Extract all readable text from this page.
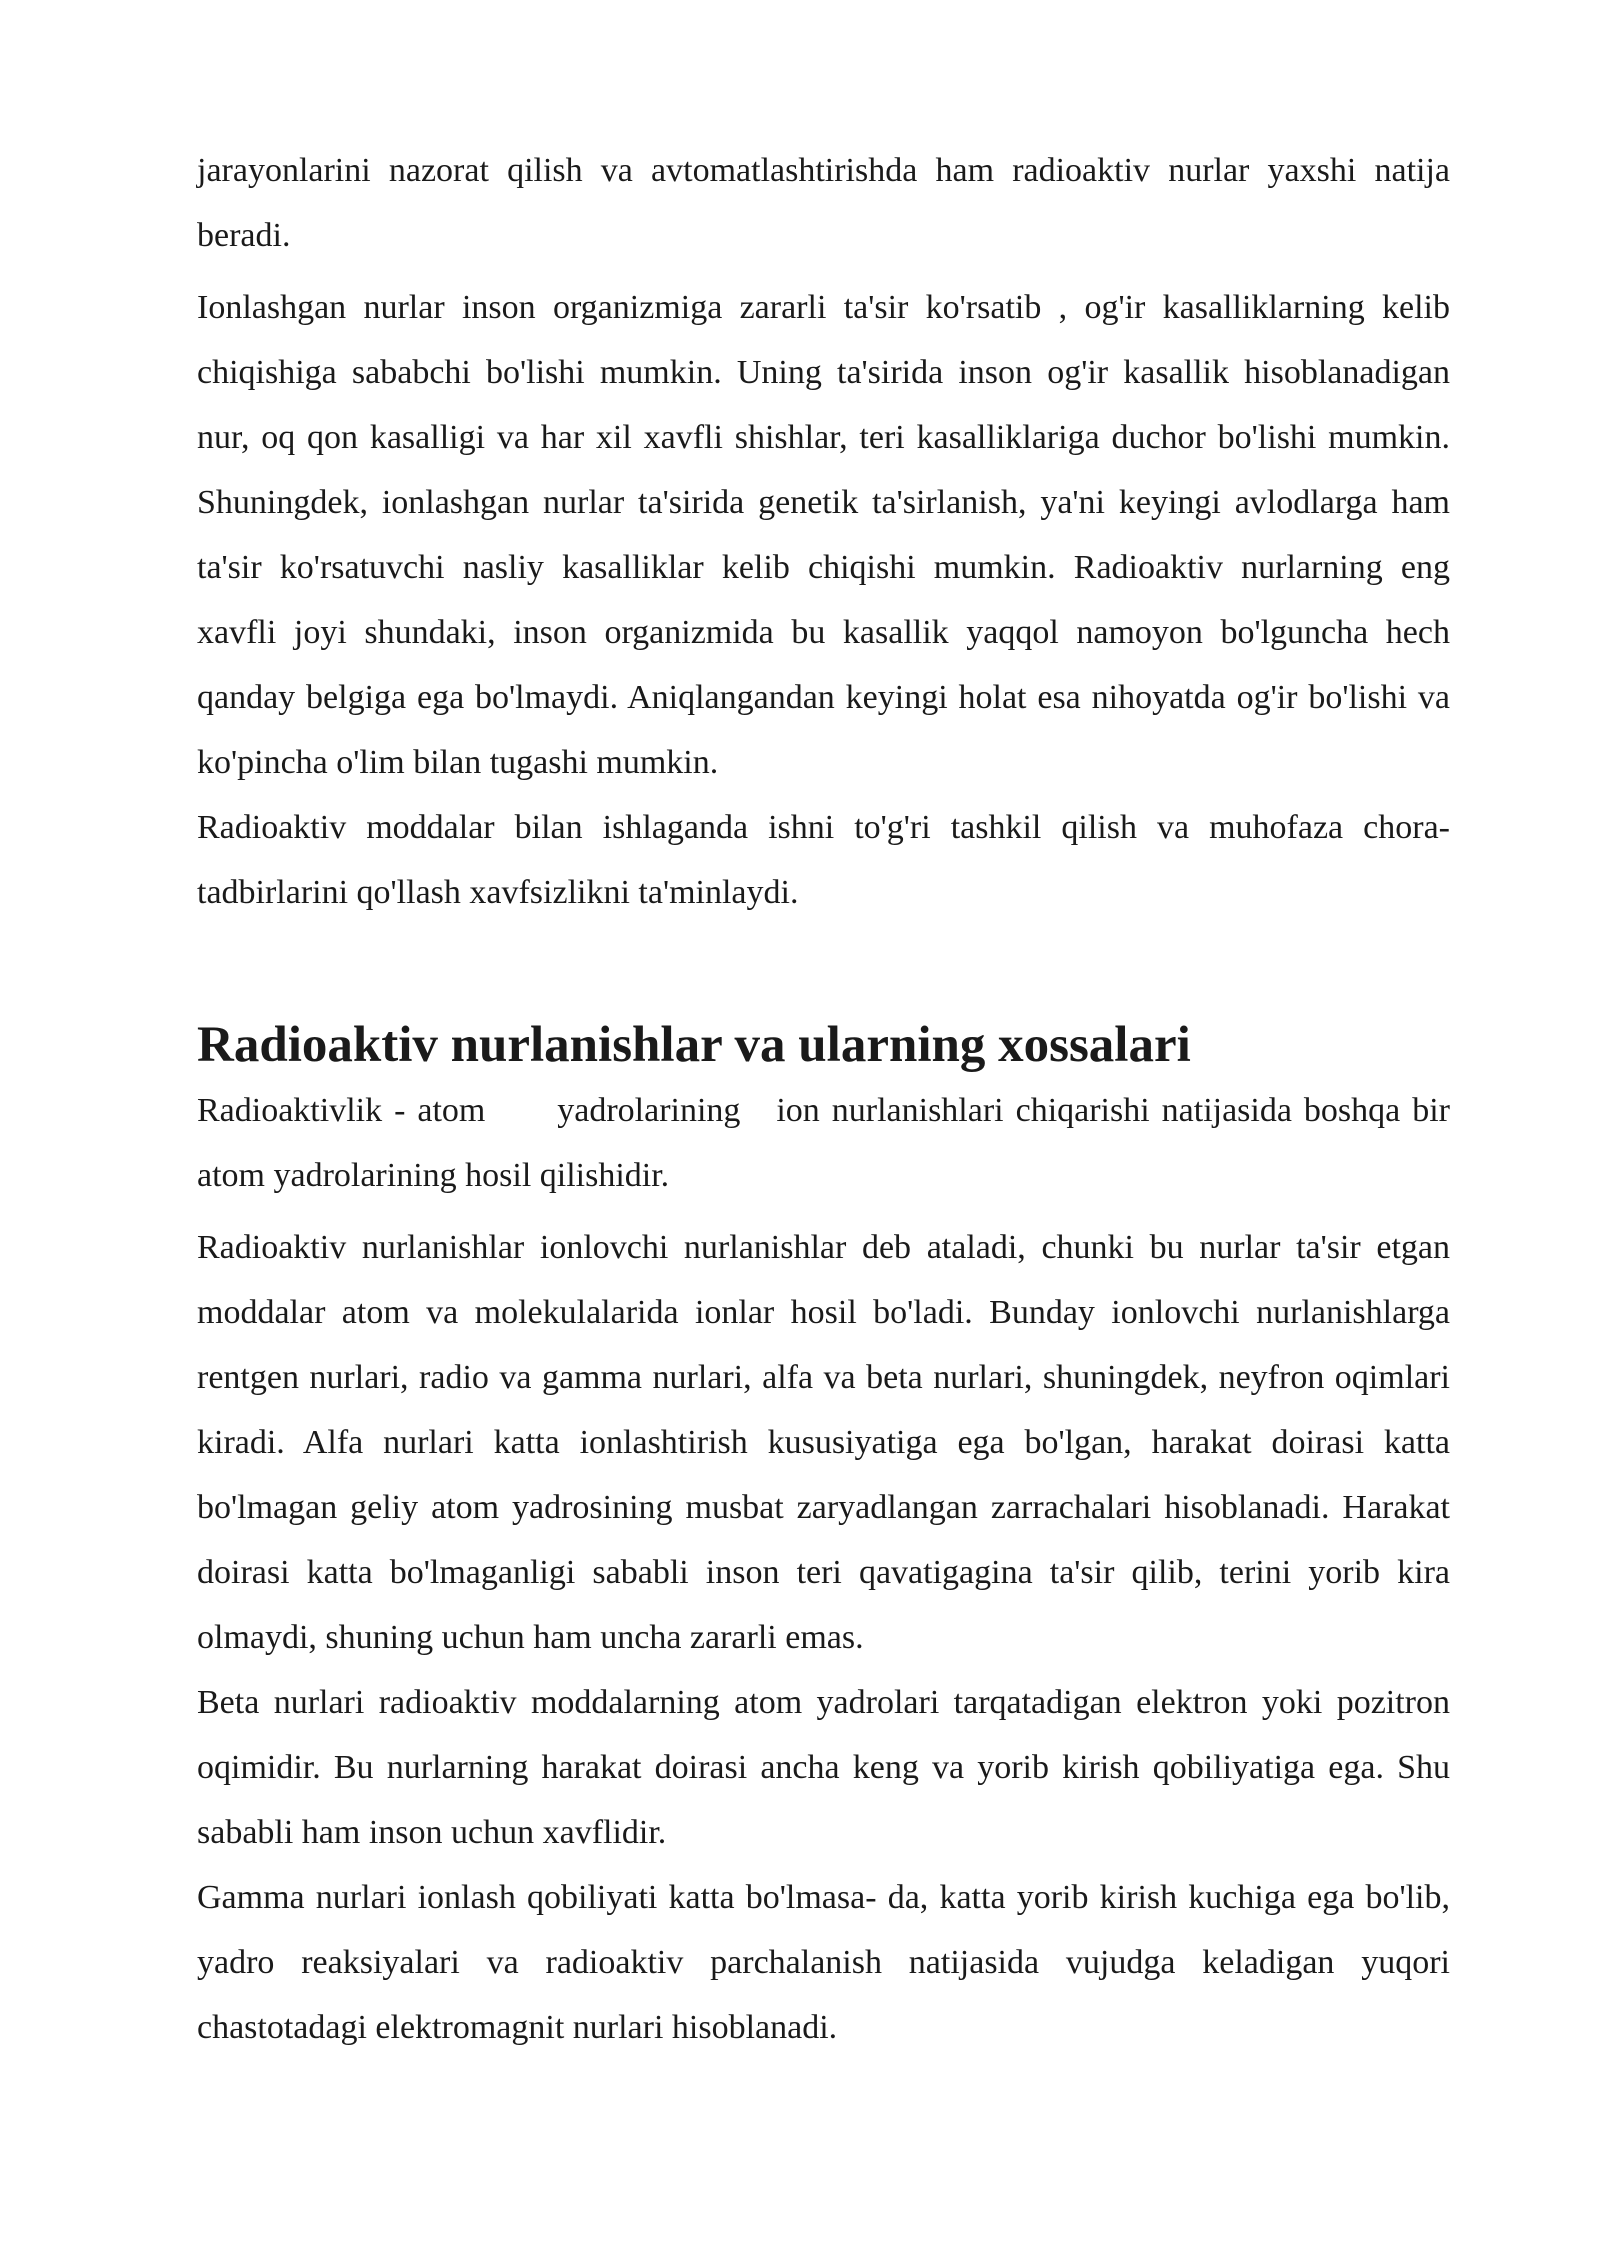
jarayonlarini nazorat qilish va avtomatlashtirishda ham radioaktiv nurlar yaxshi natija beradi.

Ionlashgan nurlar inson organizmiga zararli ta'sir ko'rsatib , og'ir kasalliklarning kelib chiqishiga sababchi bo'lishi mumkin. Uning ta'sirida inson og'ir kasallik hisoblanadigan nur, oq qon kasalligi va har xil xavfli shishlar, teri kasalliklariga duchor bo'lishi mumkin. Shuningdek, ionlashgan nurlar ta'sirida genetik ta'sirlanish, ya'ni keyingi avlodlarga ham ta'sir ko'rsatuvchi nasliy kasalliklar kelib chiqishi mumkin. Radioaktiv nurlarning eng xavfli joyi shundaki, inson organizmida bu kasallik yaqqol namoyon bo'lguncha hech qanday belgiga ega bo'lmaydi. Aniqlangandan keyingi holat esa nihoyatda og'ir bo'lishi va ko'pincha o'lim bilan tugashi mumkin.

Radioaktiv moddalar bilan ishlaganda ishni to'g'ri tashkil qilish va muhofaza chora-tadbirlarini qo'llash xavfsizlikni ta'minlaydi.

Radioaktiv nurlanishlar va ularning xossalari

Radioaktivlik - atom      yadrolarining   ion nurlanishlari chiqarishi natijasida boshqa bir atom yadrolarining hosil qilishidir.

Radioaktiv nurlanishlar ionlovchi nurlanishlar deb ataladi, chunki bu nurlar ta'sir etgan moddalar atom va molekulalarida ionlar hosil bo'ladi. Bunday ionlovchi nurlanishlarga rentgen nurlari, radio va gamma nurlari, alfa va beta nurlari, shuningdek, neyfron oqimlari kiradi. Alfa nurlari katta ionlashtirish kususiyatiga ega bo'lgan, harakat doirasi katta bo'lmagan geliy atom yadrosining musbat zaryadlangan zarrachalari hisoblanadi. Harakat doirasi katta bo'lmaganligi sababli inson teri qavatigagina ta'sir qilib, terini yorib kira olmaydi, shuning uchun ham uncha zararli emas.

Beta nurlari radioaktiv moddalarning atom yadrolari tarqatadigan elektron yoki pozitron oqimidir. Bu nurlarning harakat doirasi ancha keng va yorib kirish qobiliyatiga ega. Shu sababli ham inson uchun xavflidir.

Gamma nurlari ionlash qobiliyati katta bo'lmasa- da, katta yorib kirish kuchiga ega bo'lib, yadro reaksiyalari va radioaktiv parchalanish natijasida vujudga keladigan yuqori chastotadagi elektromagnit nurlari hisoblanadi.
